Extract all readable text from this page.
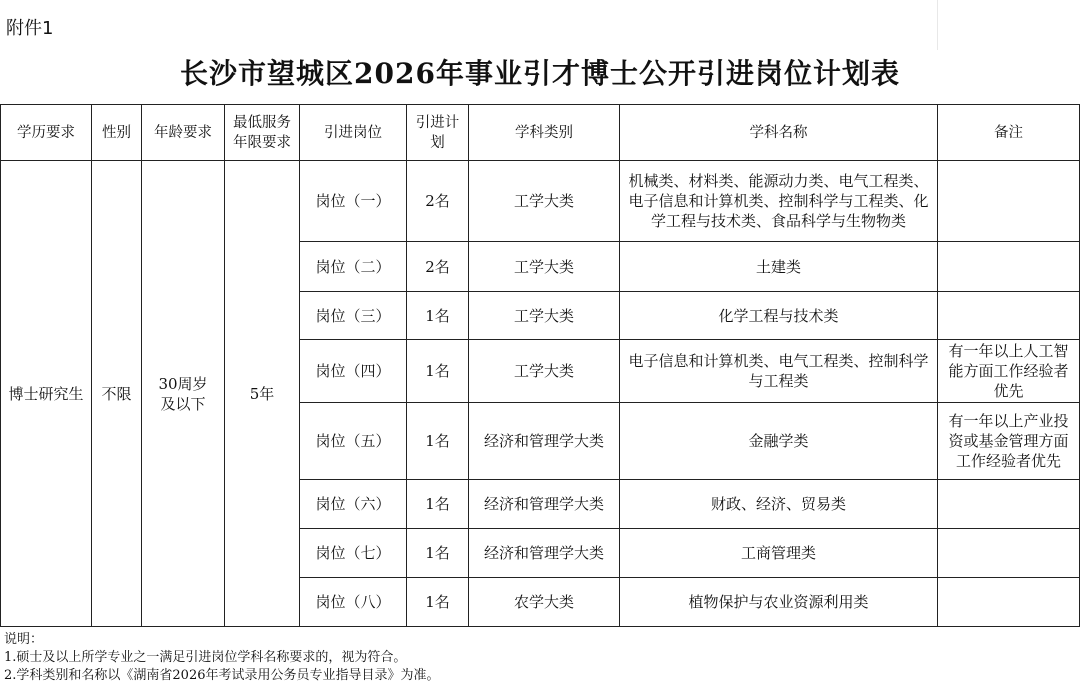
附件1
长沙市望城区2026年事业引才博士公开引进岗位计划表
学历要求	性别	年龄要求	最低服务年限要求	引进岗位	引进计划	学科类别	学科名称	备注
博士研究生	不限	30周岁及以下	5年	岗位（一）	2名	工学大类	机械类、材料类、能源动力类、电气工程类、电子信息和计算机类、控制科学与工程类、化学工程与技术类、食品科学与生物物类	
				岗位（二）	2名	工学大类	土建类	
				岗位（三）	1名	工学大类	化学工程与技术类	
				岗位（四）	1名	工学大类	电子信息和计算机类、电气工程类、控制科学与工程类	有一年以上人工智能方面工作经验者优先
				岗位（五）	1名	经济和管理学大类	金融学类	有一年以上产业投资或基金管理方面工作经验者优先
				岗位（六）	1名	经济和管理学大类	财政、经济、贸易类	
				岗位（七）	1名	经济和管理学大类	工商管理类	
				岗位（八）	1名	农学大类	植物保护与农业资源利用类	
说明：
1.硕士及以上所学专业之一满足引进岗位学科名称要求的，视为符合。
2.学科类别和名称以《湖南省2026年考试录用公务员专业指导目录》为准。
